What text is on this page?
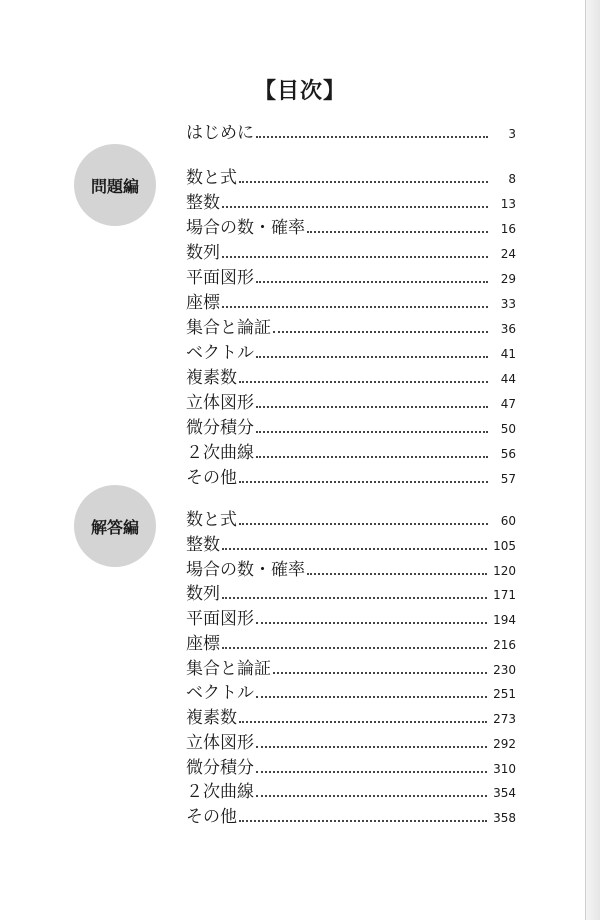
【目次】
はじめに	3
問題編	数と式	8
整数	13
場合の数・確率	16
数列	24
平面図形	29
座標	33
集合と論証	36
ベクトル	41
複素数	44
立体図形	47
微分積分	50
２次曲線	56
その他	57
解答編	数と式	60
整数	105
場合の数・確率	120
数列	171
平面図形	194
座標	216
集合と論証	230
ベクトル	251
複素数	273
立体図形	292
微分積分	310
２次曲線	354
その他	358
